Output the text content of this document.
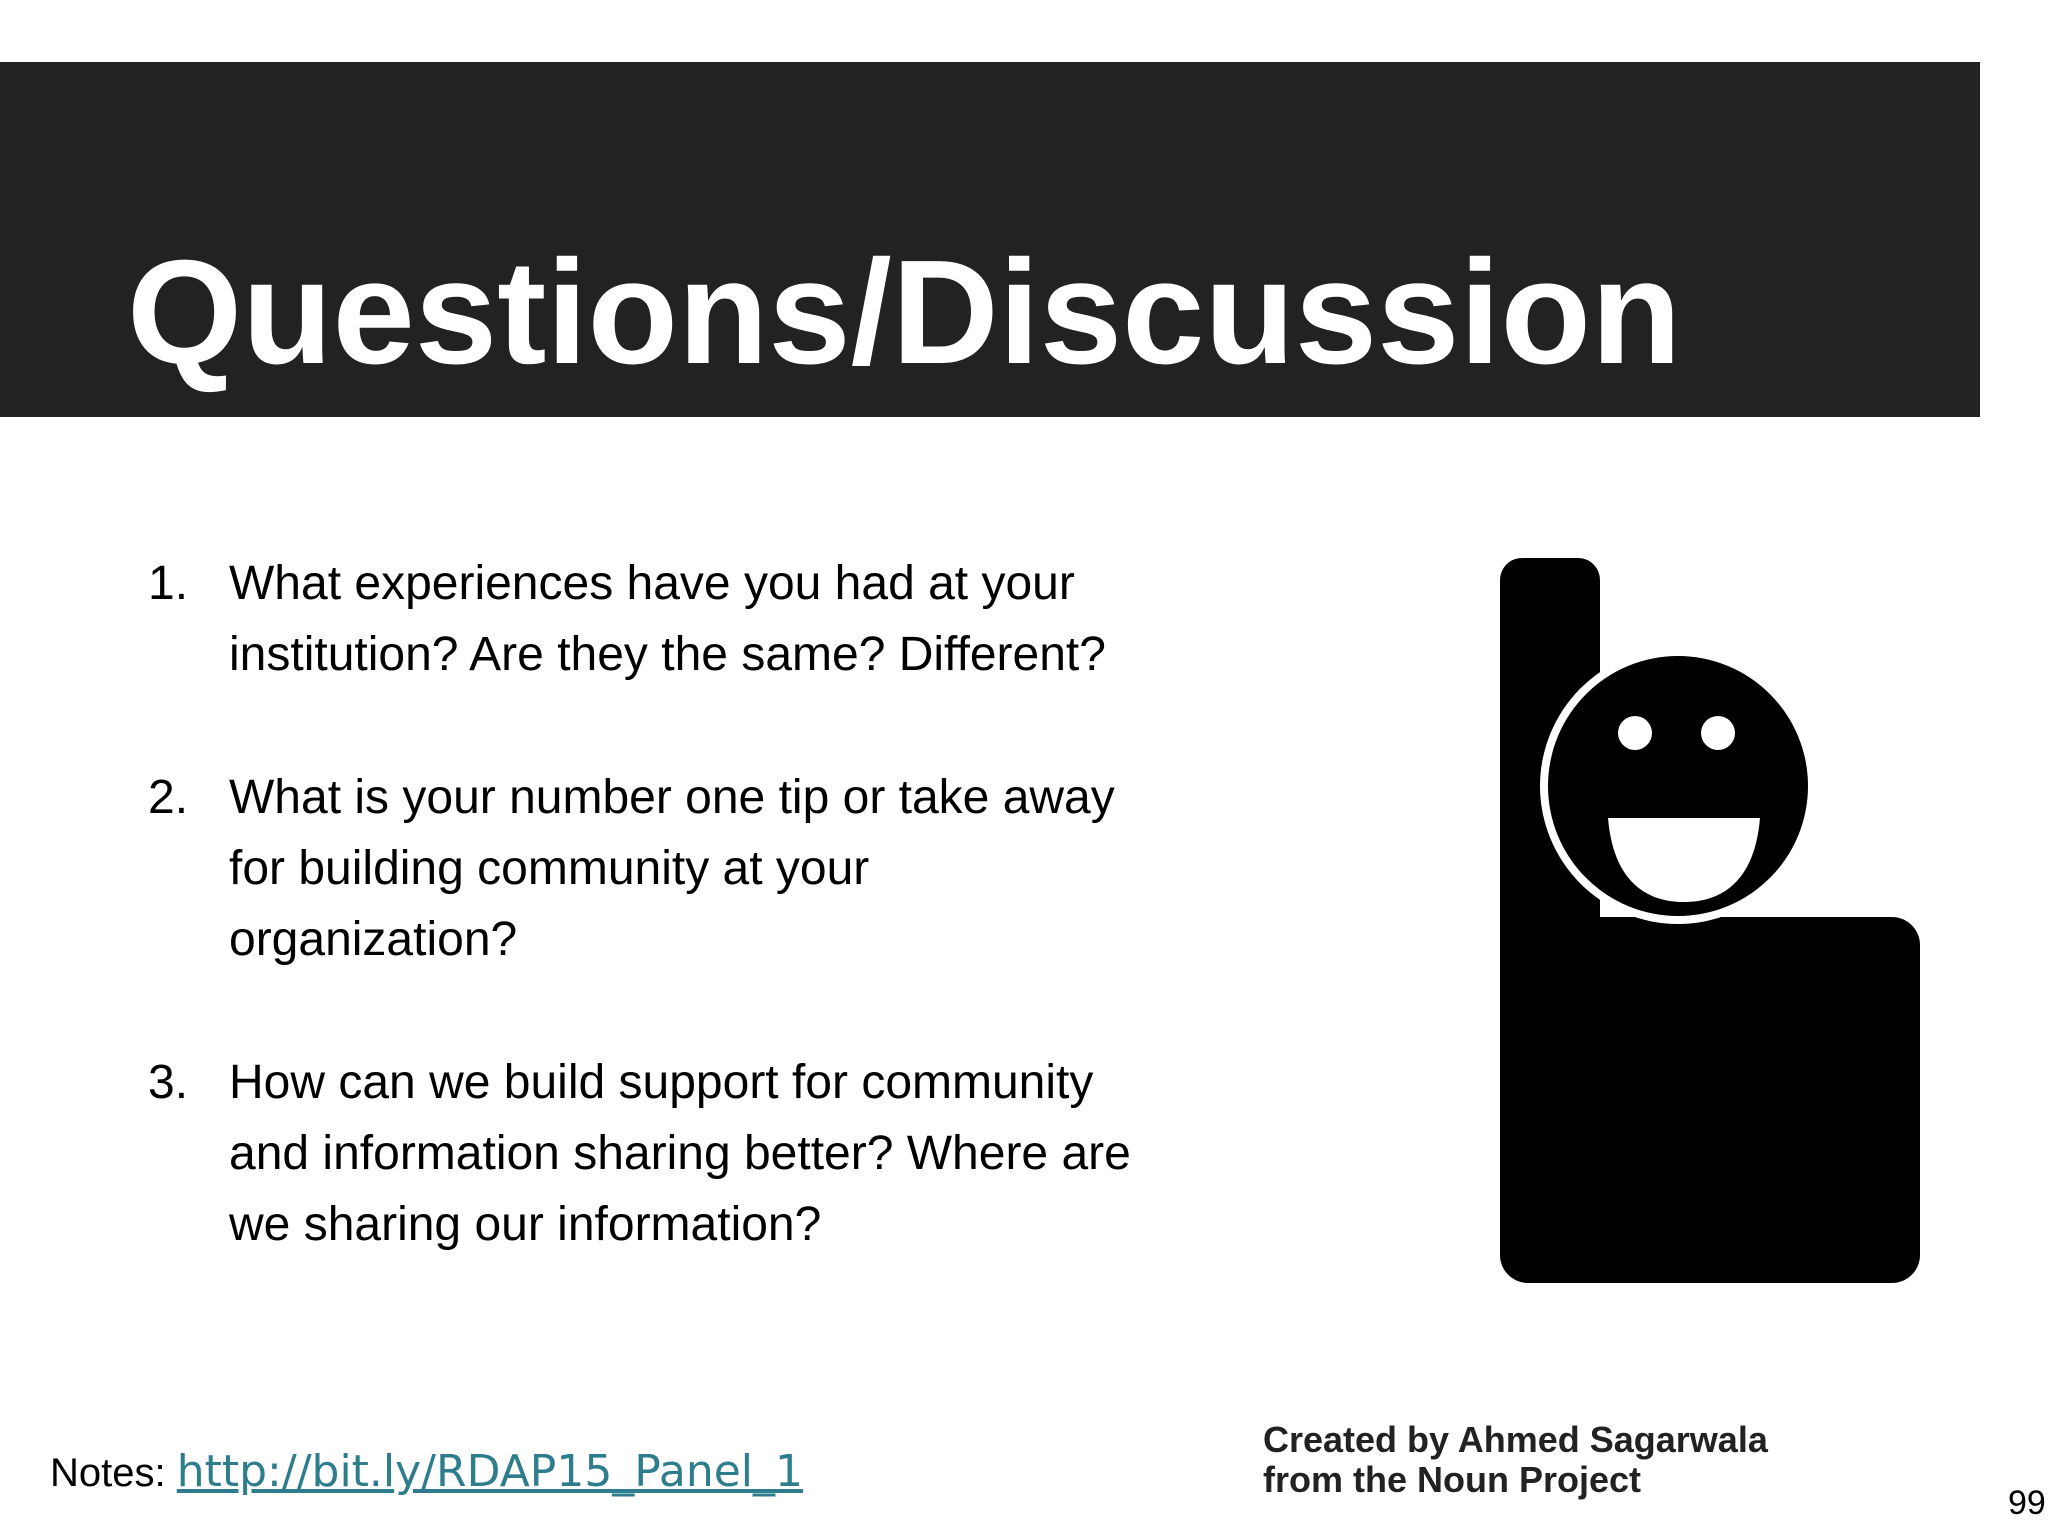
Questions/Discussion
1. What experiences have you had at your
institution? Are they the same? Different?
2. What is your number one tip or take away
for building community at your
organization?
3. How can we build support for community
and information sharing better? Where are
we sharing our information?
Notes: http://bit.ly/RDAP15_Panel_1
Created by Ahmed Sagarwala
from the Noun Project
99
